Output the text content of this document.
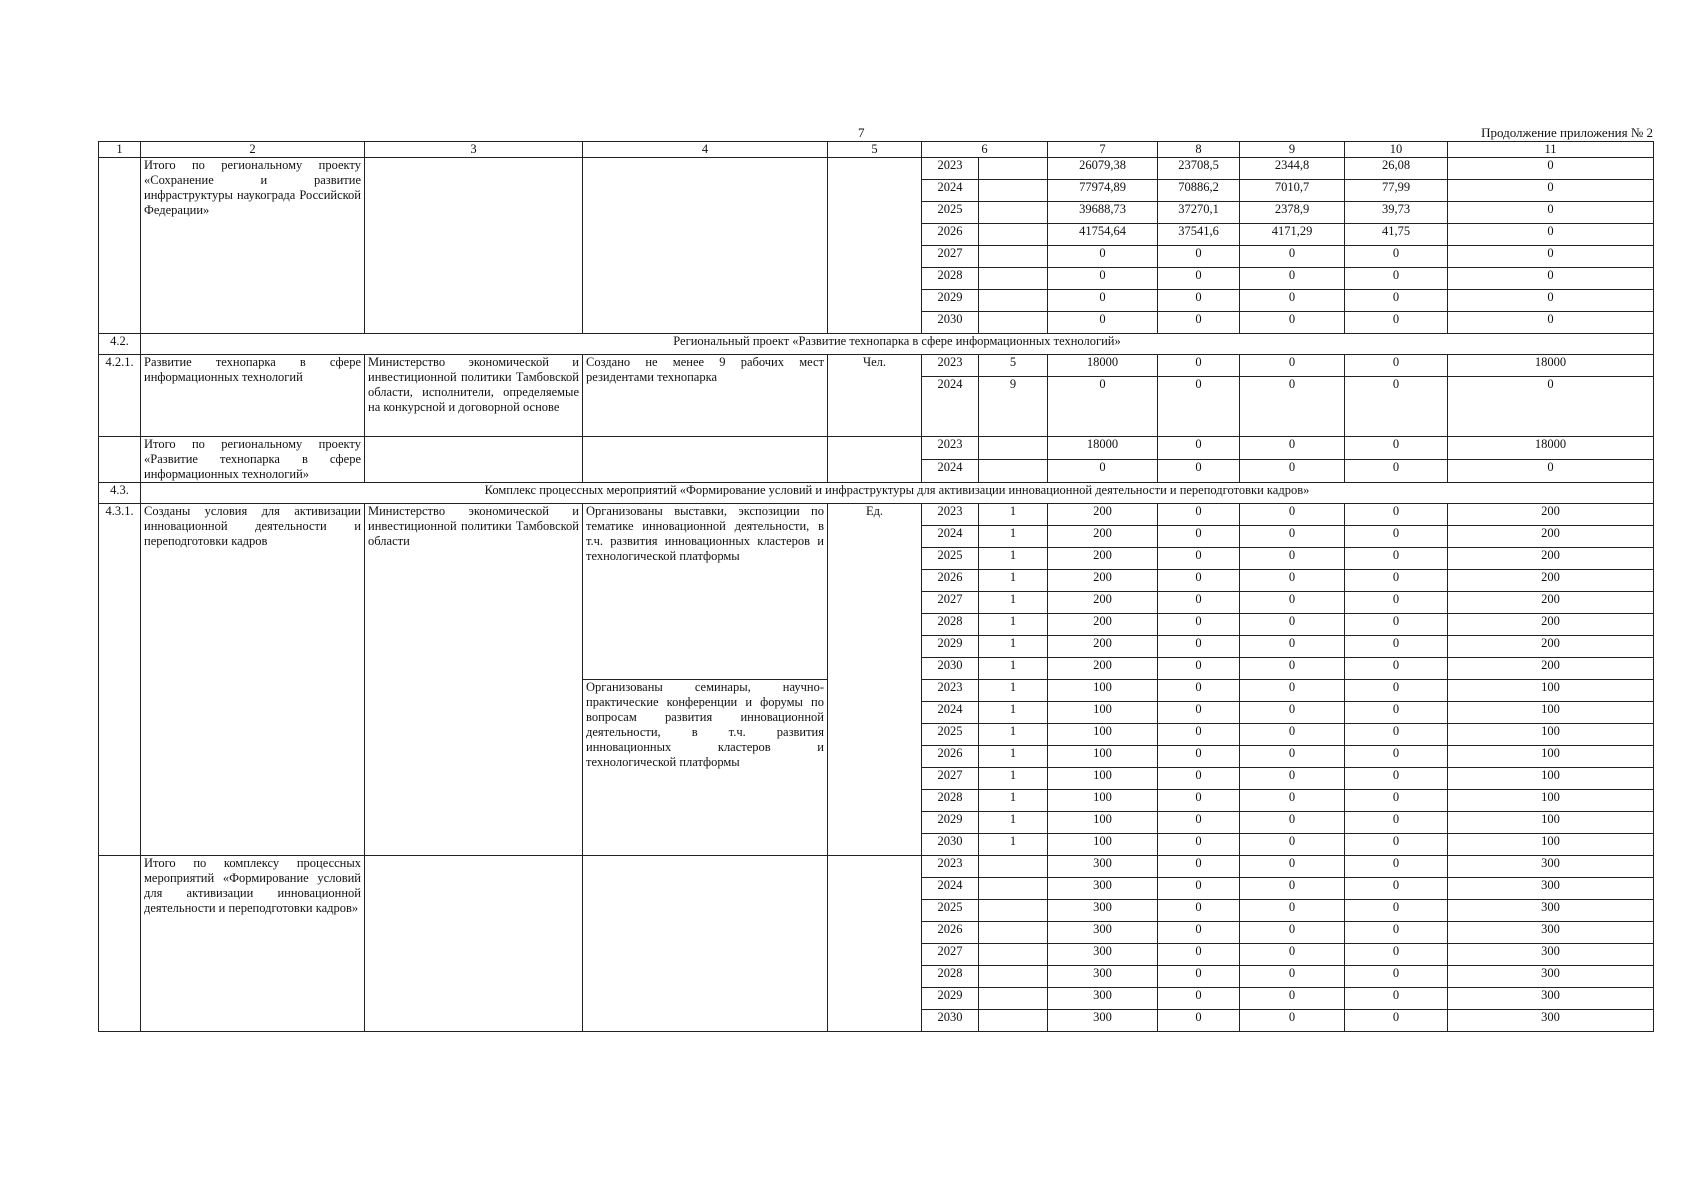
7	Продолжение приложения № 2
1	2	3	4	5	6		7	8	9	10	11
	Итого по региональному проекту «Сохранение и развитие инфраструктуры наукограда Российской Федерации»				2023		26079,38	23708,5	2344,8	26,08	0
					2024		77974,89	70886,2	7010,7	77,99	0
					2025		39688,73	37270,1	2378,9	39,73	0
					2026		41754,64	37541,6	4171,29	41,75	0
					2027		0	0	0	0	0
					2028		0	0	0	0	0
					2029		0	0	0	0	0
					2030		0	0	0	0	0
4.2.	Региональный проект «Развитие технопарка в сфере информационных технологий»										
4.2.1.	Развитие технопарка в сфере информационных технологий	Министерство экономической и инвестиционной политики Тамбовской области, исполнители, определяемые на конкурсной и договорной основе	Создано не менее 9 рабочих мест резидентами технопарка	Чел.	2023	5	18000	0	0	0	18000
					2024	9	0	0	0	0	0
	Итого по региональному проекту «Развитие технопарка в сфере информационных технологий»				2023		18000	0	0	0	18000
					2024		0	0	0	0	0
4.3.	Комплекс процессных мероприятий «Формирование условий и инфраструктуры для активизации инновационной деятельности и переподготовки кадров»										
4.3.1.	Созданы условия для активизации инновационной деятельности и переподготовки кадров	Министерство экономической и инвестиционной политики Тамбовской области	Организованы выставки, экспозиции по тематике инновационной деятельности, в т.ч. развития инновационных кластеров и технологической платформы	Ед.	2023	1	200	0	0	0	200
					2024	1	200	0	0	0	200
					2025	1	200	0	0	0	200
					2026	1	200	0	0	0	200
					2027	1	200	0	0	0	200
					2028	1	200	0	0	0	200
					2029	1	200	0	0	0	200
					2030	1	200	0	0	0	200
			Организованы семинары, научно-практические конференции и форумы по вопросам развития инновационной деятельности, в т.ч. развития инновационных кластеров и технологической платформы		2023	1	100	0	0	0	100
					2024	1	100	0	0	0	100
					2025	1	100	0	0	0	100
					2026	1	100	0	0	0	100
					2027	1	100	0	0	0	100
					2028	1	100	0	0	0	100
					2029	1	100	0	0	0	100
					2030	1	100	0	0	0	100
	Итого по комплексу процессных мероприятий «Формирование условий для активизации инновационной деятельности и переподготовки кадров»				2023		300	0	0	0	300
					2024		300	0	0	0	300
					2025		300	0	0	0	300
					2026		300	0	0	0	300
					2027		300	0	0	0	300
					2028		300	0	0	0	300
					2029		300	0	0	0	300
					2030		300	0	0	0	300
